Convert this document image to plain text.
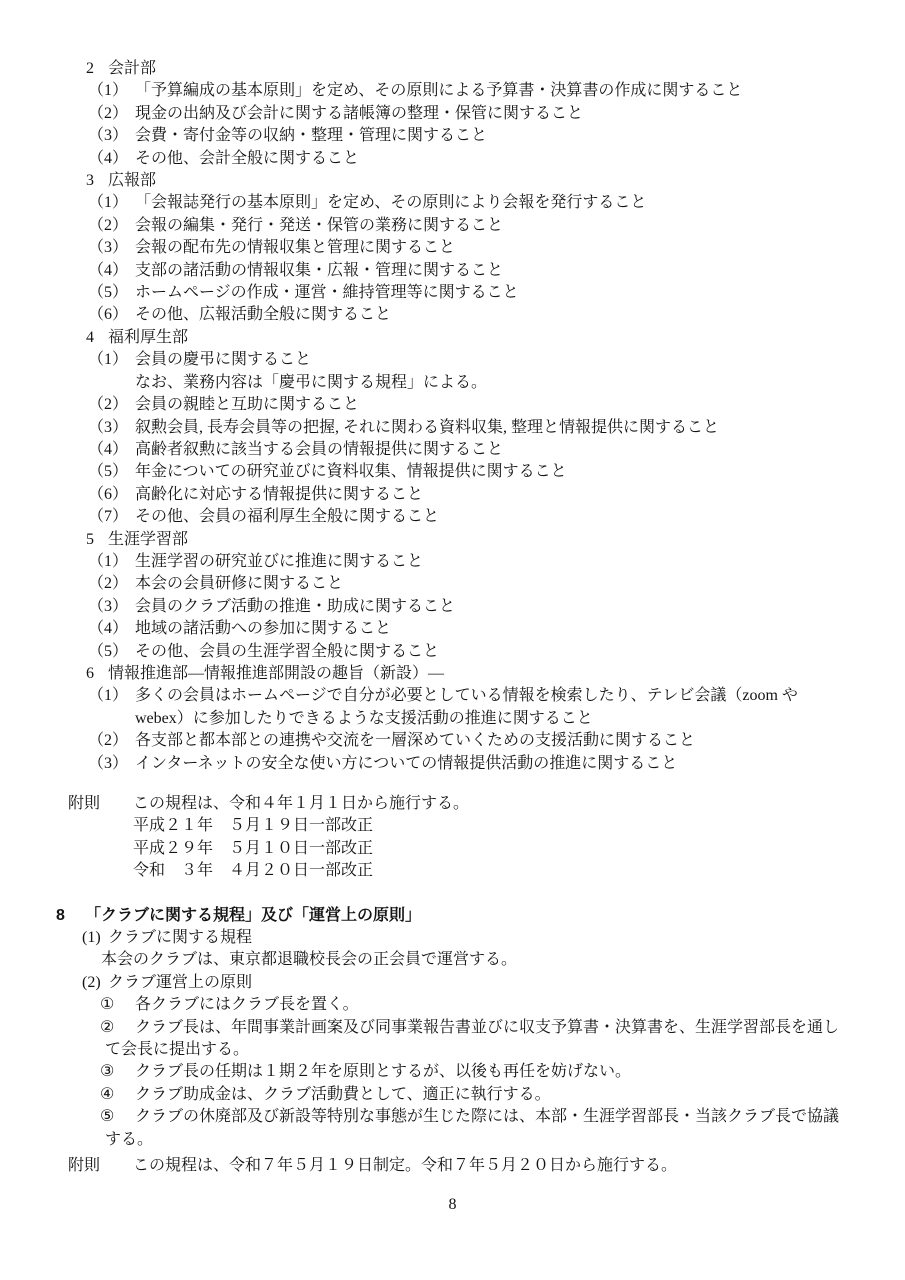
2 会計部
（1） 「予算編成の基本原則」を定め、その原則による予算書・決算書の作成に関すること
（2） 現金の出納及び会計に関する諸帳簿の整理・保管に関すること
（3） 会費・寄付金等の収納・整理・管理に関すること
（4） その他、会計全般に関すること
3 広報部
（1） 「会報誌発行の基本原則」を定め、その原則により会報を発行すること
（2） 会報の編集・発行・発送・保管の業務に関すること
（3） 会報の配布先の情報収集と管理に関すること
（4） 支部の諸活動の情報収集・広報・管理に関すること
（5） ホームページの作成・運営・維持管理等に関すること
（6） その他、広報活動全般に関すること
4 福利厚生部
（1） 会員の慶弔に関すること
なお、業務内容は「慶弔に関する規程」による。
（2） 会員の親睦と互助に関すること
（3） 叙勲会員, 長寿会員等の把握, それに関わる資料収集, 整理と情報提供に関すること
（4） 高齢者叙勲に該当する会員の情報提供に関すること
（5） 年金についての研究並びに資料収集、情報提供に関すること
（6） 高齢化に対応する情報提供に関すること
（7） その他、会員の福利厚生全般に関すること
5 生涯学習部
（1） 生涯学習の研究並びに推進に関すること
（2） 本会の会員研修に関すること
（3） 会員のクラブ活動の推進・助成に関すること
（4） 地域の諸活動への参加に関すること
（5） その他、会員の生涯学習全般に関すること
6 情報推進部―情報推進部開設の趣旨（新設）―
（1） 多くの会員はホームページで自分が必要としている情報を検索したり、テレビ会議（zoom や
webex）に参加したりできるような支援活動の推進に関すること
（2） 各支部と都本部との連携や交流を一層深めていくための支援活動に関すること
（3） インターネットの安全な使い方についての情報提供活動の推進に関すること
附則 この規程は、令和４年１月１日から施行する。
平成２１年　５月１９日一部改正
平成２９年　５月１０日一部改正
令和　３年　４月２０日一部改正
8 「クラブに関する規程」及び「運営上の原則」
(1) クラブに関する規程
本会のクラブは、東京都退職校長会の正会員で運営する。
(2) クラブ運営上の原則
① 各クラブにはクラブ長を置く。
② クラブ長は、年間事業計画案及び同事業報告書並びに収支予算書・決算書を、生涯学習部長を通し
て会長に提出する。
③ クラブ長の任期は１期２年を原則とするが、以後も再任を妨げない。
④ クラブ助成金は、クラブ活動費として、適正に執行する。
⑤ クラブの休廃部及び新設等特別な事態が生じた際には、本部・生涯学習部長・当該クラブ長で協議
する。
附則 この規程は、令和７年５月１９日制定。令和７年５月２０日から施行する。
8
